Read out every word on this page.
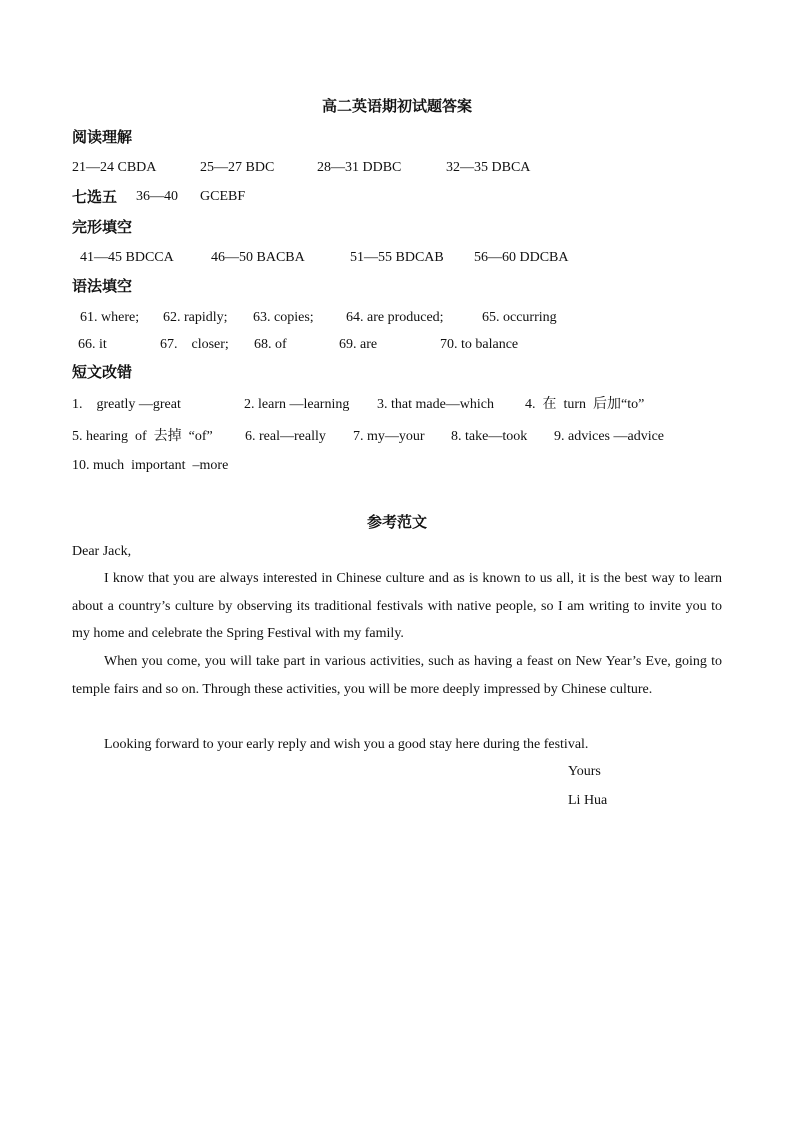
高二英语期初试题答案
阅读理解
21—24 CBDA	25—27 BDC	28—31 DDBC	32—35 DBCA
七选五 36—40 GCEBF
完形填空
41—45 BDCCA	46—50 BACBA	51—55 BDCAB 56—60 DDCBA
语法填空
61. where; 62. rapidly; 63. copies; 64. are produced;	65. occurring
66. it	67.    closer; 68. of	69. are	70. to balance
短文改错
1.    greatly —great	2. learn —learning 3. that made—which 4.  在  turn  后加“to”
5. hearing  of  去掉  “of” 6. real—really 7. my—your 8. take—took 9. advices —advice
10. much  important  –more
参考范文
Dear Jack,
I know that you are always interested in Chinese culture and as is known to us all, it is the best way to learn about a country’s culture by observing its traditional festivals with native people, so I am writing to invite you to my home and celebrate the Spring Festival with my family.
When you come, you will take part in various activities, such as having a feast on New Year’s Eve, going to temple fairs and so on. Through these activities, you will be more deeply impressed by Chinese culture.
Looking forward to your early reply and wish you a good stay here during the festival.
Yours
Li Hua
